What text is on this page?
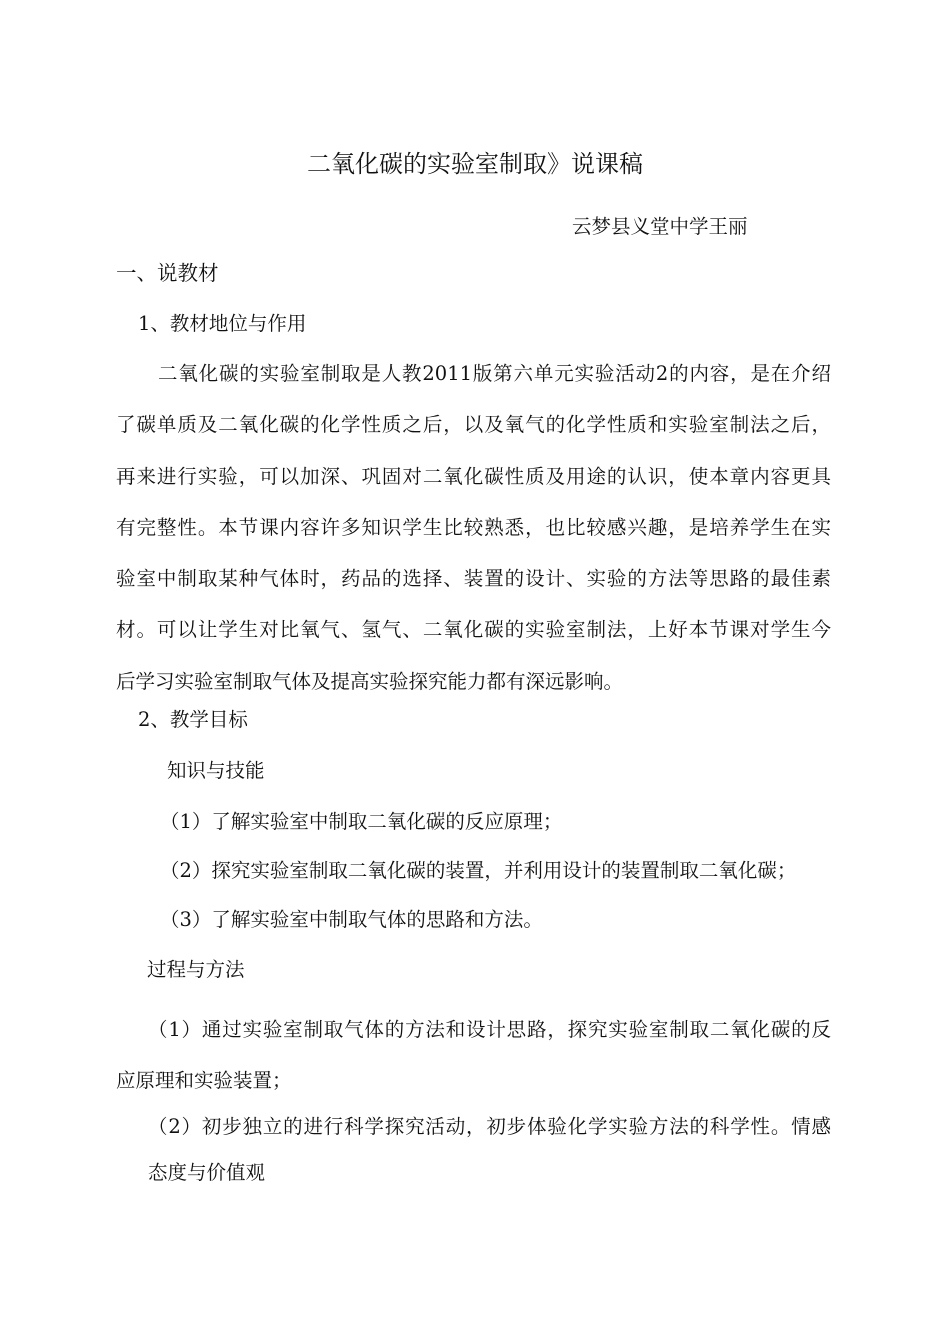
二氧化碳的实验室制取》说课稿
云梦县义堂中学王丽
一、说教材
1、教材地位与作用
二氧化碳的实验室制取是人教2011版第六单元实验活动2的内容，是在介绍
了碳单质及二氧化碳的化学性质之后，以及氧气的化学性质和实验室制法之后，
再来进行实验，可以加深、巩固对二氧化碳性质及用途的认识，使本章内容更具
有完整性。本节课内容许多知识学生比较熟悉，也比较感兴趣，是培养学生在实
验室中制取某种气体时，药品的选择、装置的设计、实验的方法等思路的最佳素
材。可以让学生对比氧气、氢气、二氧化碳的实验室制法，上好本节课对学生今
后学习实验室制取气体及提高实验探究能力都有深远影响。
2、教学目标
知识与技能
（1）了解实验室中制取二氧化碳的反应原理；
（2）探究实验室制取二氧化碳的装置，并利用设计的装置制取二氧化碳；
（3）了解实验室中制取气体的思路和方法。
过程与方法
（1）通过实验室制取气体的方法和设计思路，探究实验室制取二氧化碳的反
应原理和实验装置；
（2）初步独立的进行科学探究活动，初步体验化学实验方法的科学性。情感
态度与价值观
